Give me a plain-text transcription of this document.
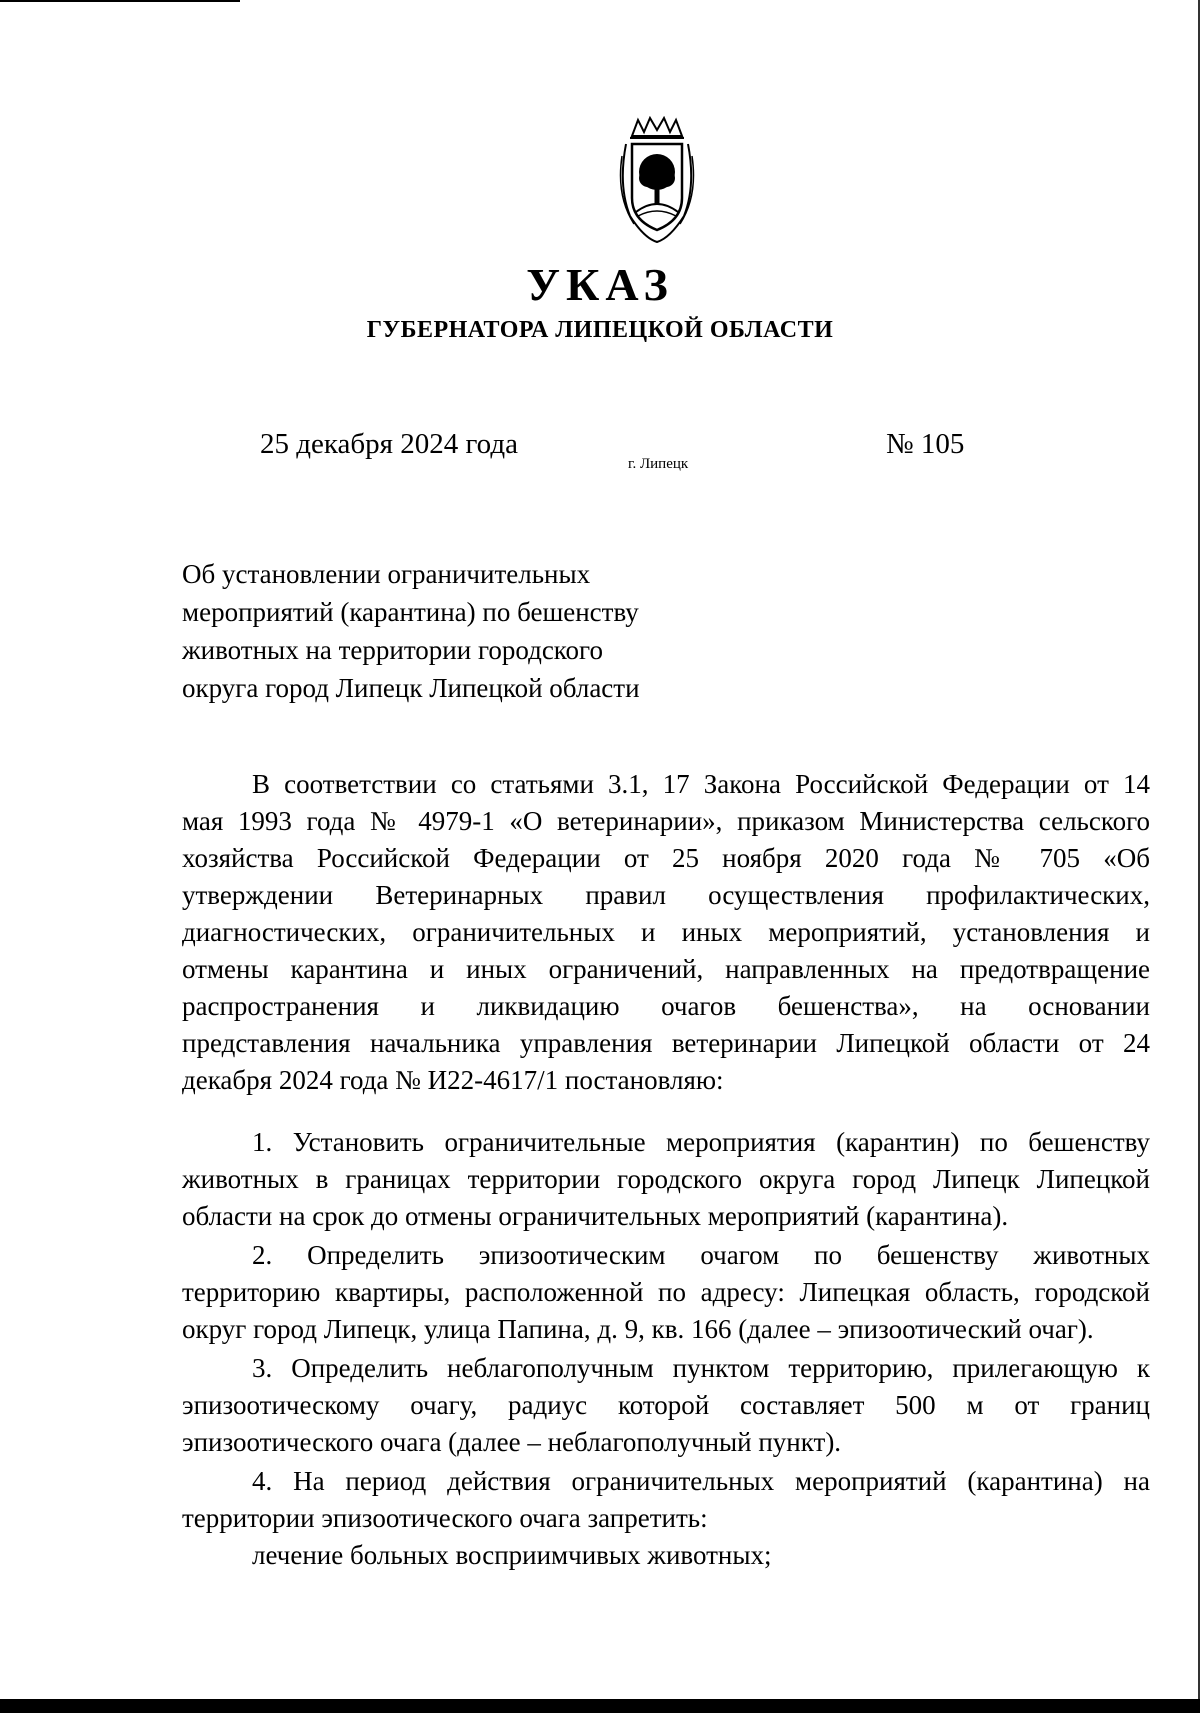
УКАЗ
ГУБЕРНАТОРА ЛИПЕЦКОЙ ОБЛАСТИ
25 декабря 2024 года
г. Липецк
№ 105
Об установлении ограничительных
мероприятий (карантина) по бешенству
животных на территории городского
округа город Липецк Липецкой области
В соответствии со статьями 3.1, 17 Закона Российской Федерации от 14
мая 1993 года № 4979-1 «О ветеринарии», приказом Министерства сельского
хозяйства Российской Федерации от 25 ноября 2020 года № 705 «Об
утверждении Ветеринарных правил осуществления профилактических,
диагностических, ограничительных и иных мероприятий, установления и
отмены карантина и иных ограничений, направленных на предотвращение
распространения и ликвидацию очагов бешенства», на основании
представления начальника управления ветеринарии Липецкой области от 24
декабря 2024 года № И22-4617/1 постановляю:
1. Установить ограничительные мероприятия (карантин) по бешенству
животных в границах территории городского округа город Липецк Липецкой
области на срок до отмены ограничительных мероприятий (карантина).
2. Определить эпизоотическим очагом по бешенству животных
территорию квартиры, расположенной по адресу: Липецкая область, городской
округ город Липецк, улица Папина, д. 9, кв. 166 (далее – эпизоотический очаг).
3. Определить неблагополучным пунктом территорию, прилегающую к
эпизоотическому очагу, радиус которой составляет 500 м от границ
эпизоотического очага (далее – неблагополучный пункт).
4. На период действия ограничительных мероприятий (карантина) на
территории эпизоотического очага запретить:
лечение больных восприимчивых животных;
